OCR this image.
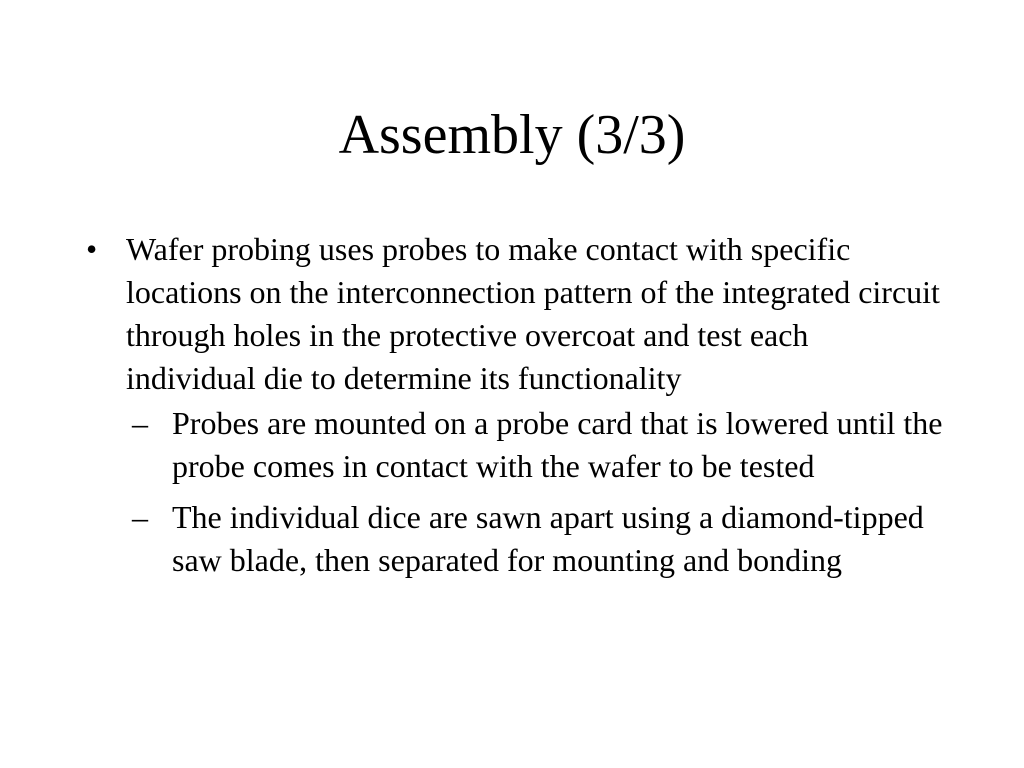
Assembly (3/3)
• Wafer probing uses probes to make contact with specific locations on the interconnection pattern of the integrated circuit through holes in the protective overcoat and test each individual die to determine its functionality
– Probes are mounted on a probe card that is lowered until the probe comes in contact with the wafer to be tested
– The individual dice are sawn apart using a diamond-tipped saw blade, then separated for mounting and bonding
